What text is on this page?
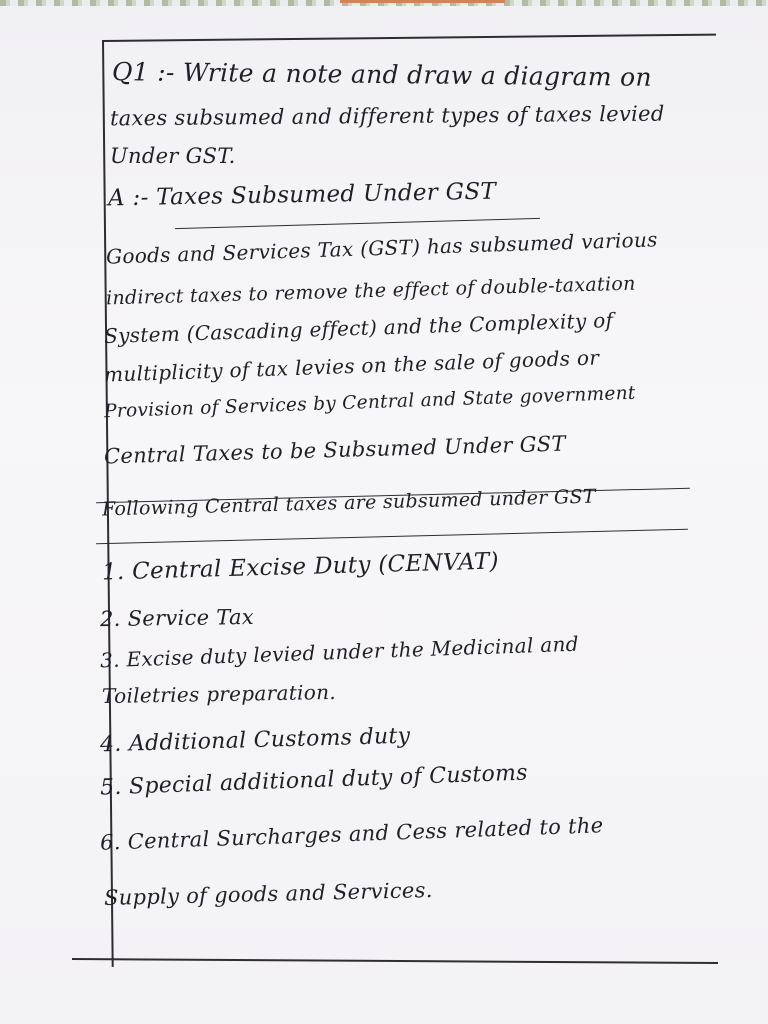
Q1 :- Write a note and draw a diagram on

taxes subsumed and different types of taxes levied

Under GST.

A :- Taxes Subsumed Under GST

Goods and Services Tax (GST) has subsumed various

indirect taxes to remove the effect of double-taxation

System (Cascading effect) and the Complexity of

multiplicity of tax levies on the sale of goods or

Provision of Services by Central and State government

Central Taxes to be Subsumed Under GST

Following Central taxes are subsumed under GST

1. Central Excise Duty (CENVAT)

2. Service Tax

3. Excise duty levied under the Medicinal and

Toiletries preparation.

4. Additional Customs duty

5. Special additional duty of Customs

6. Central Surcharges and Cess related to the

Supply of goods and Services.
